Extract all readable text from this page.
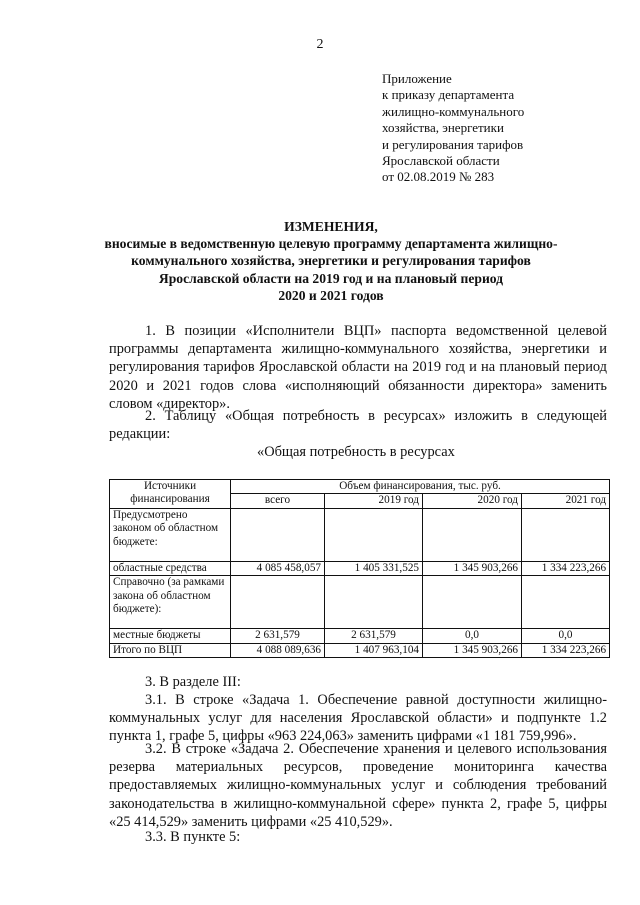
2
Приложение
к приказу департамента
жилищно-коммунального
хозяйства, энергетики
и регулирования тарифов
Ярославской области
от 02.08.2019 № 283
ИЗМЕНЕНИЯ,
вносимые в ведомственную целевую программу департамента жилищно-
коммунального хозяйства, энергетики и регулирования тарифов
Ярославской области на 2019 год и на плановый период
2020 и 2021 годов
1. В позиции «Исполнители ВЦП» паспорта ведомственной целевой программы департамента жилищно-коммунального хозяйства, энергетики и регулирования тарифов Ярославской области на 2019 год и на плановый период 2020 и 2021 годов слова «исполняющий обязанности директора» заменить словом «директор».
2. Таблицу «Общая потребность в ресурсах» изложить в следующей редакции:
«Общая потребность в ресурсах
Источники финансирования	Объем финансирования, тыс. руб.			
	всего	2019 год	2020 год	2021 год
Предусмотрено законом об областном бюджете:				
областные средства	4 085 458,057	1 405 331,525	1 345 903,266	1 334 223,266
Справочно (за рамками закона об областном бюджете):				
местные бюджеты	2 631,579	2 631,579	0,0	0,0
Итого по ВЦП	4 088 089,636	1 407 963,104	1 345 903,266	1 334 223,266
3. В разделе III:
3.1. В строке «Задача 1. Обеспечение равной доступности жилищно-коммунальных услуг для населения Ярославской области» и подпункте 1.2 пункта 1, графе 5, цифры «963 224,063» заменить цифрами «1 181 759,996».
3.2. В строке «Задача 2. Обеспечение хранения и целевого использования резерва материальных ресурсов, проведение мониторинга качества предоставляемых жилищно-коммунальных услуг и соблюдения требований законодательства в жилищно-коммунальной сфере» пункта 2, графе 5, цифры «25 414,529» заменить цифрами «25 410,529».
3.3. В пункте 5:
